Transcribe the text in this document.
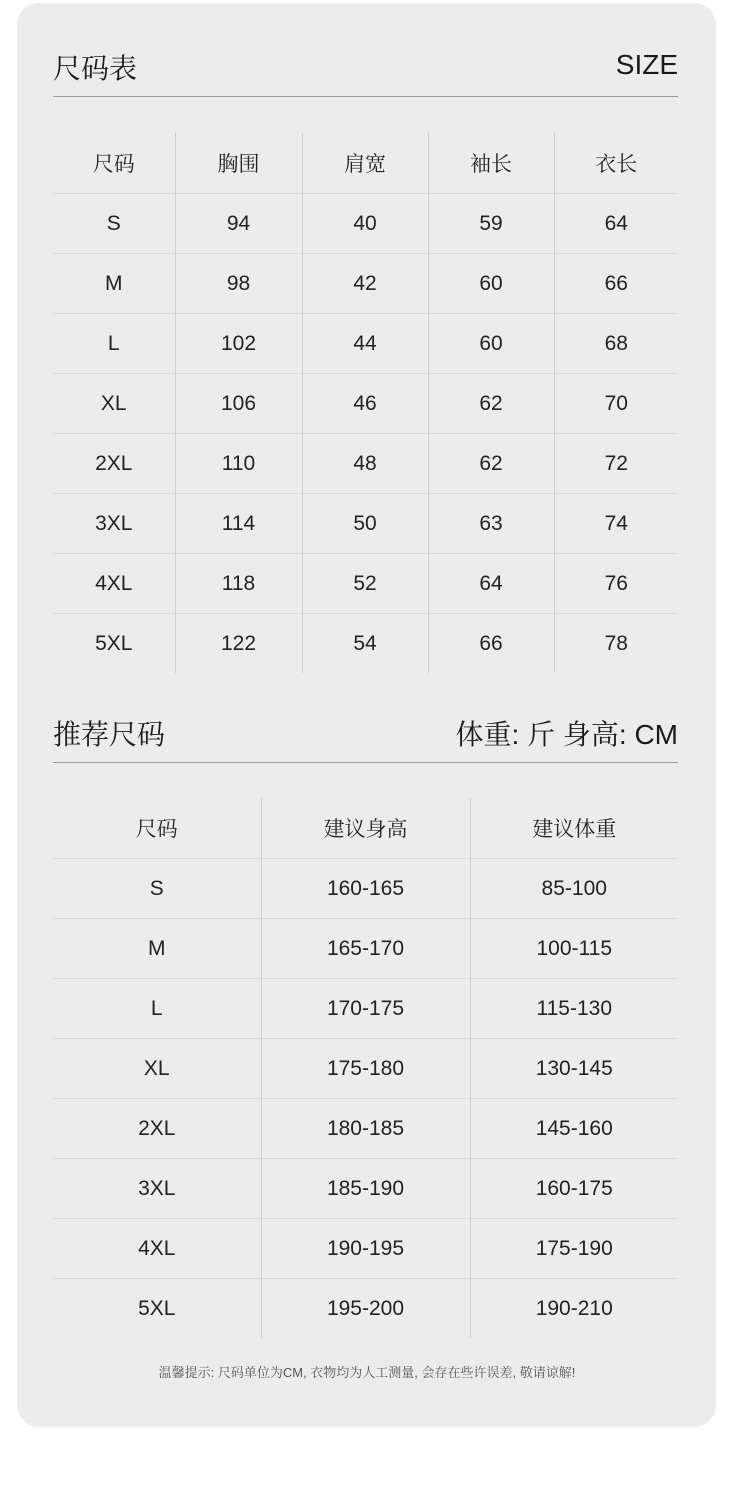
尺码表	SIZE
尺码	胸围	肩宽	袖长	衣长
S	94	40	59	64
M	98	42	60	66
L	102	44	60	68
XL	106	46	62	70
2XL	110	48	62	72
3XL	114	50	63	74
4XL	118	52	64	76
5XL	122	54	66	78
推荐尺码	体重: 斤 身高: CM
尺码	建议身高	建议体重
S	160-165	85-100
M	165-170	100-115
L	170-175	115-130
XL	175-180	130-145
2XL	180-185	145-160
3XL	185-190	160-175
4XL	190-195	175-190
5XL	195-200	190-210
温馨提示: 尺码单位为CM, 衣物均为人工测量, 会存在些许误差, 敬请谅解!
